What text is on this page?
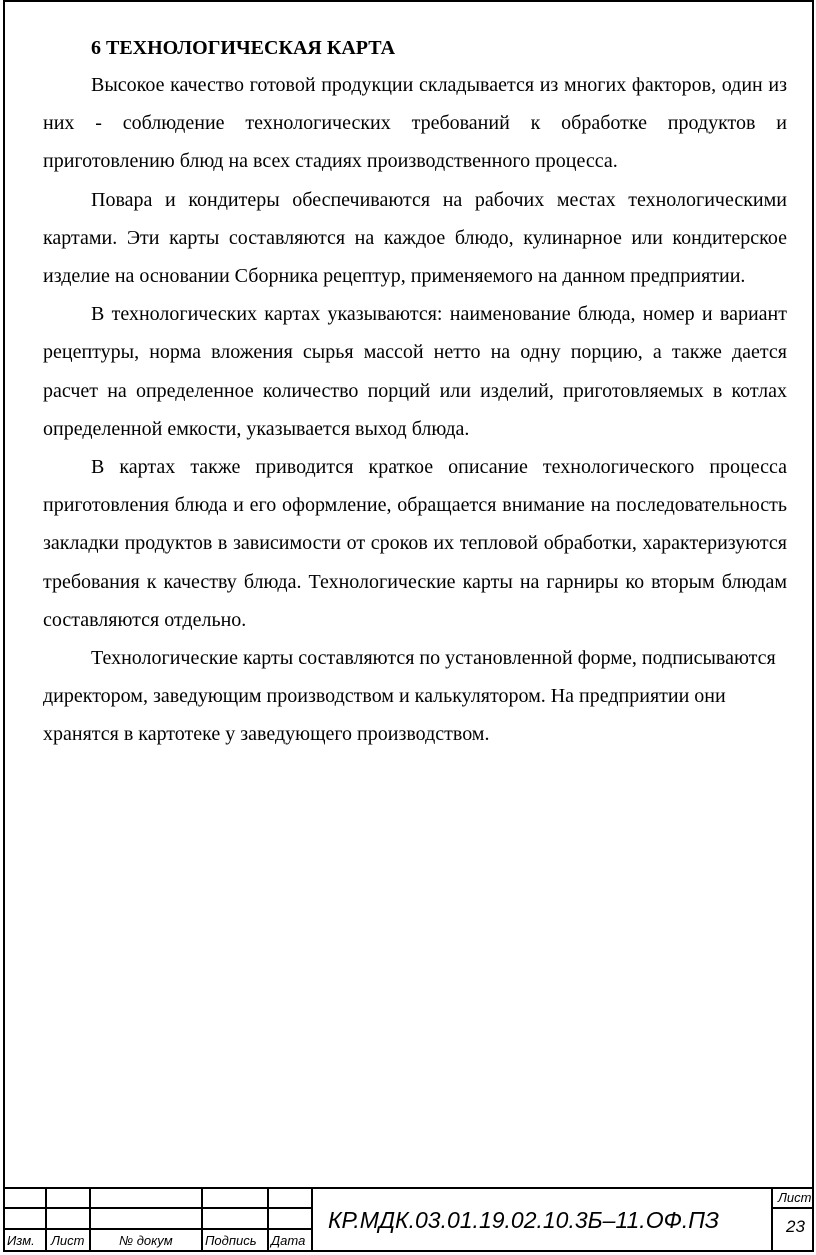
6 ТЕХНОЛОГИЧЕСКАЯ КАРТА

Высокое качество готовой продукции складывается из многих факторов, один из них - соблюдение технологических требований к обработке продуктов и приготовлению блюд на всех стадиях производственного процесса.

Повара и кондитеры обеспечиваются на рабочих местах технологическими картами. Эти карты составляются на каждое блюдо, кулинарное или кондитерское изделие на основании Сборника рецептур, применяемого на данном предприятии.

В технологических картах указываются: наименование блюда, номер и вариант рецептуры, норма вложения сырья массой нетто на одну порцию, а также дается расчет на определенное количество порций или изделий, приготовляемых в котлах определенной емкости, указывается выход блюда.

В картах также приводится краткое описание технологического процесса приготовления блюда и его оформление, обращается внимание на последовательность закладки продуктов в зависимости от сроков их тепловой обработки, характеризуются требования к качеству блюда. Технологические карты на гарниры ко вторым блюдам составляются отдельно.

Технологические карты составляются по установленной форме, подписываются директором, заведующим производством и калькулятором. На предприятии они хранятся в картотеке у заведующего производством.

Изм. Лист	№ докум Подпись Дата
КР.МДК.03.01.19.02.10.3Б–11.ОФ.ПЗ
Лист
23
